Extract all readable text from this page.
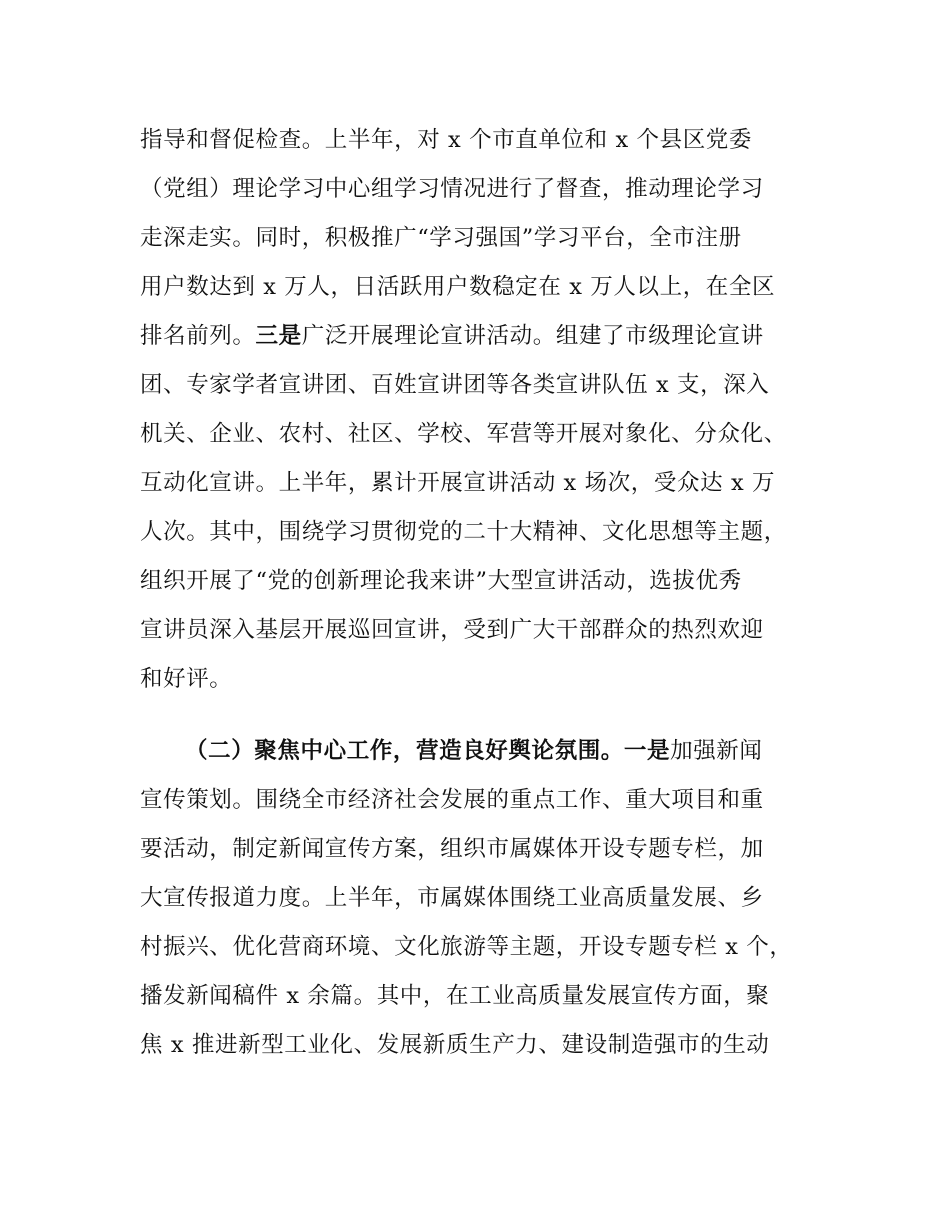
指导和督促检查。上半年，对 x 个市直单位和 x 个县区党委
（党组）理论学习中心组学习情况进行了督查，推动理论学习
走深走实。同时，积极推广“学习强国”学习平台，全市注册
用户数达到 x 万人，日活跃用户数稳定在 x 万人以上，在全区
排名前列。三是广泛开展理论宣讲活动。组建了市级理论宣讲
团、专家学者宣讲团、百姓宣讲团等各类宣讲队伍 x 支，深入
机关、企业、农村、社区、学校、军营等开展对象化、分众化、
互动化宣讲。上半年，累计开展宣讲活动 x 场次，受众达 x 万
人次。其中，围绕学习贯彻党的二十大精神、文化思想等主题，
组织开展了“党的创新理论我来讲”大型宣讲活动，选拔优秀
宣讲员深入基层开展巡回宣讲，受到广大干部群众的热烈欢迎
和好评。
（二）聚焦中心工作，营造良好舆论氛围。一是加强新闻
宣传策划。围绕全市经济社会发展的重点工作、重大项目和重
要活动，制定新闻宣传方案，组织市属媒体开设专题专栏，加
大宣传报道力度。上半年，市属媒体围绕工业高质量发展、乡
村振兴、优化营商环境、文化旅游等主题，开设专题专栏 x 个，
播发新闻稿件 x 余篇。其中，在工业高质量发展宣传方面，聚
焦 x 推进新型工业化、发展新质生产力、建设制造强市的生动
